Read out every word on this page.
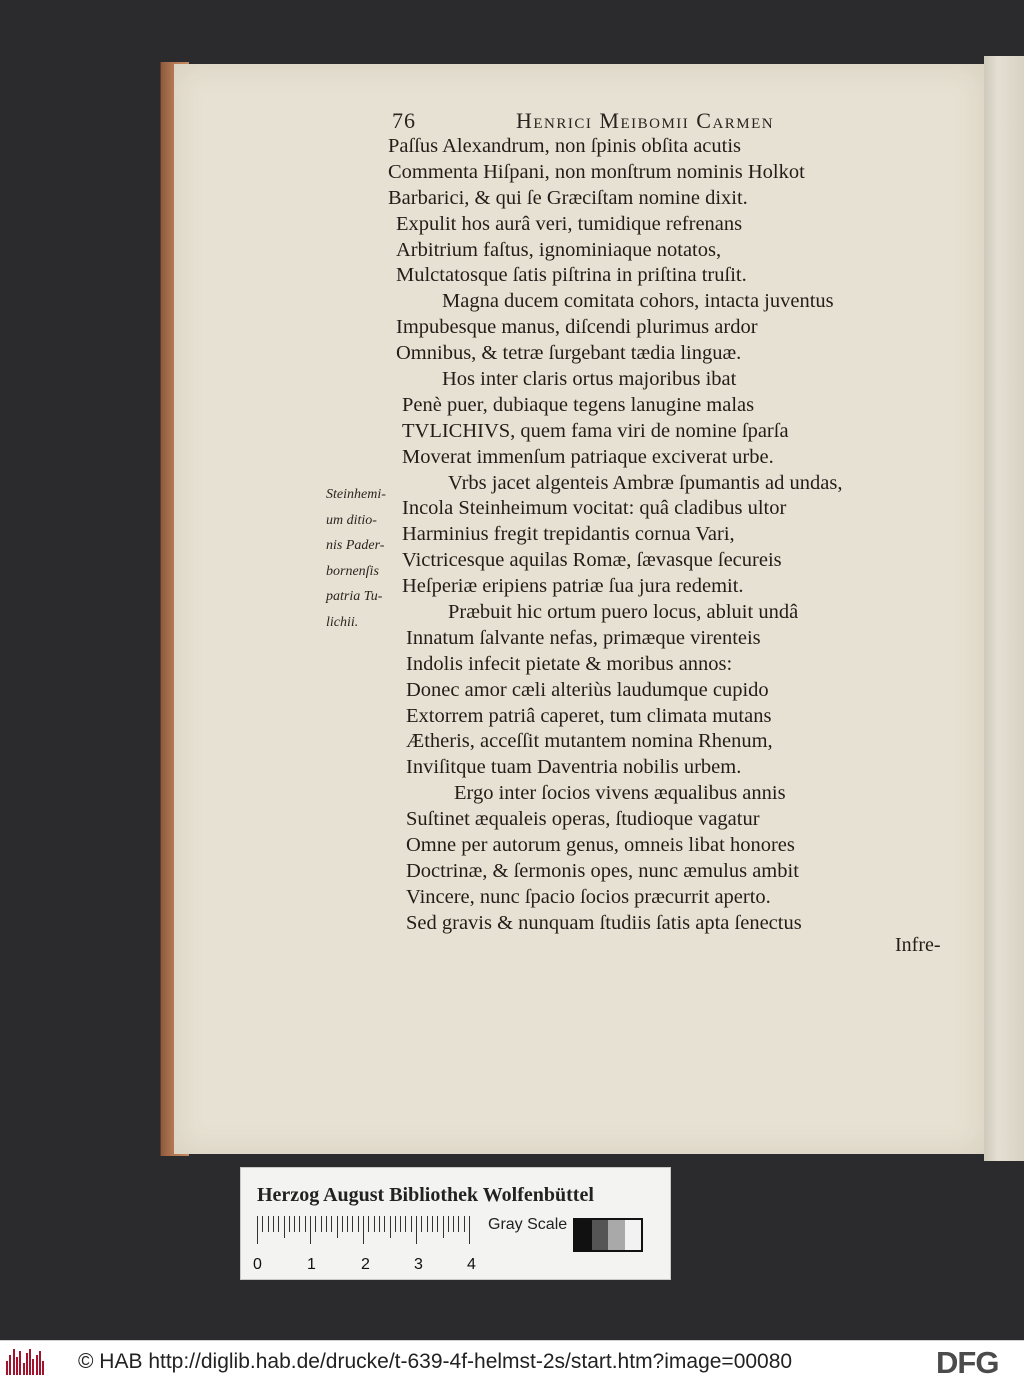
76	Henrici Meibomii Carmen
Paſſus Alexandrum, non ſpinis obſita acutis
Commenta Hiſpani, non monſtrum nominis Holkot
Barbarici, & qui ſe Græciſtam nomine dixit.
Expulit hos aurâ veri, tumidique refrenans
Arbitrium faſtus, ignominiaque notatos,
Mulctatosque ſatis piſtrina in priſtina truſit.
Magna ducem comitata cohors, intacta juventus
Impubesque manus, diſcendi plurimus ardor
Omnibus, & tetræ ſurgebant tædia linguæ.
Hos inter claris ortus majoribus ibat
Penè puer, dubiaque tegens lanugine malas
TVLICHIVS, quem fama viri de nomine ſparſa
Moverat immenſum patriaque exciverat urbe.
Vrbs jacet algenteis Ambræ ſpumantis ad undas,
Incola Steinheimum vocitat: quâ cladibus ultor
Harminius fregit trepidantis cornua Vari,
Victricesque aquilas Romæ, ſævasque ſecureis
Heſperiæ eripiens patriæ ſua jura redemit.
Præbuit hic ortum puero locus, abluit undâ
Innatum ſalvante nefas, primæque virenteis
Indolis infecit pietate & moribus annos:
Donec amor cæli alteriùs laudumque cupido
Extorrem patriâ caperet, tum climata mutans
Ætheris, acceſſit mutantem nomina Rhenum,
Inviſitque tuam Daventria nobilis urbem.
Ergo inter ſocios vivens æqualibus annis
Suſtinet æqualeis operas, ſtudioque vagatur
Omne per autorum genus, omneis libat honores
Doctrinæ, & ſermonis opes, nunc æmulus ambit
Vincere, nunc ſpacio ſocios præcurrit aperto.
Sed gravis & nunquam ſtudiis ſatis apta ſenectus
Infre-
Steinhemi-
um ditio-
nis Pader-
bornenſis
patria Tu-
lichii.
Herzog August Bibliothek Wolfenbüttel
0	1	2	3	4
Gray Scale
© HAB http://diglib.hab.de/drucke/t-639-4f-helmst-2s/start.htm?image=00080	DFG
